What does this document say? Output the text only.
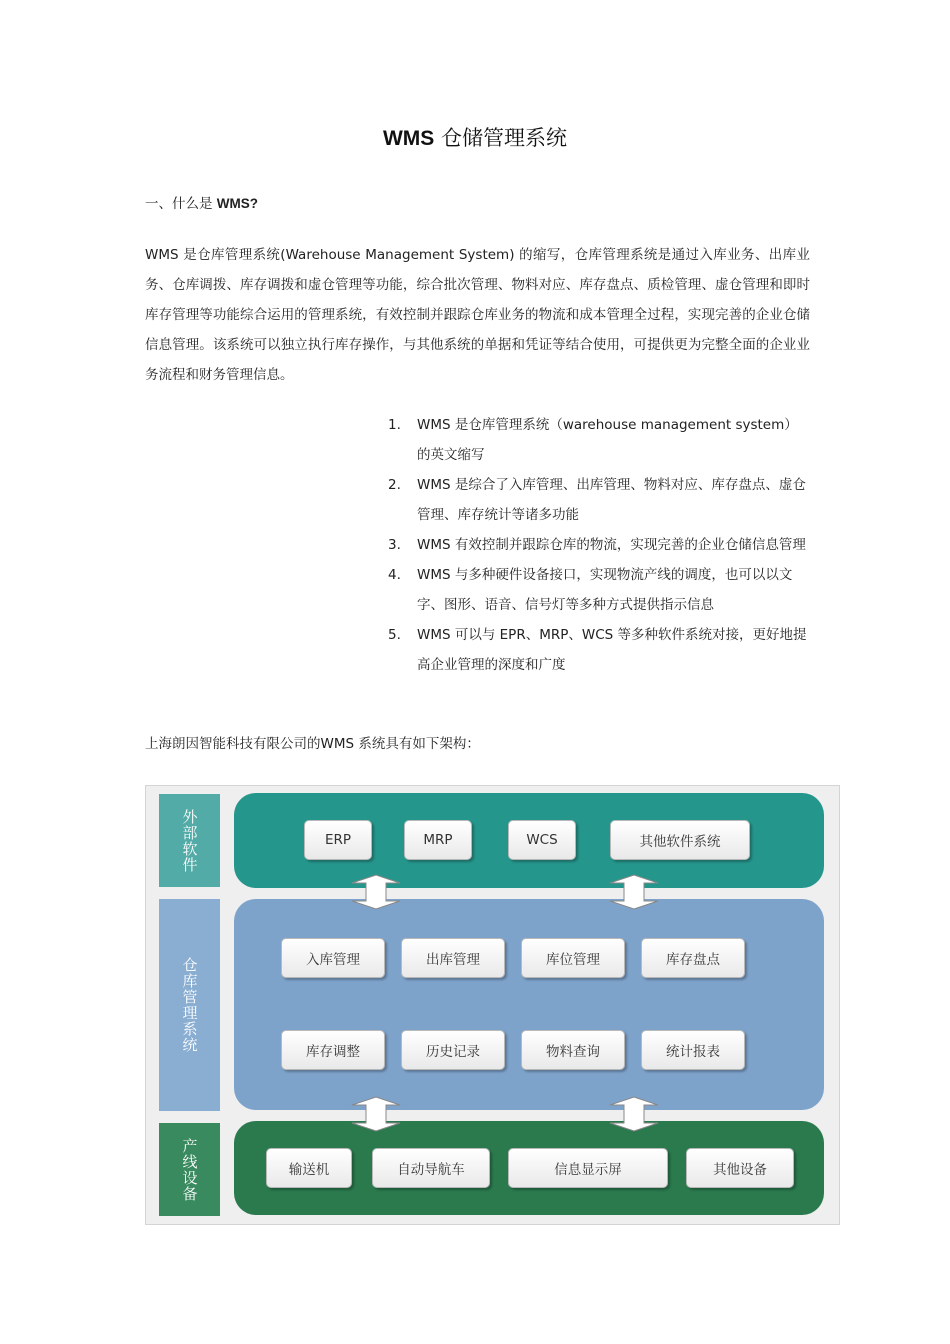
WMS 仓储管理系统
一、什么是 WMS?
WMS 是仓库管理系统(Warehouse Management System) 的缩写，仓库管理系统是通过入库业务、出库业务、仓库调拨、库存调拨和虚仓管理等功能，综合批次管理、物料对应、库存盘点、质检管理、虚仓管理和即时库存管理等功能综合运用的管理系统，有效控制并跟踪仓库业务的物流和成本管理全过程，实现完善的企业仓储信息管理。该系统可以独立执行库存操作，与其他系统的单据和凭证等结合使用，可提供更为完整全面的企业业务流程和财务管理信息。
1. WMS 是仓库管理系统（warehouse management system）的英文缩写
2. WMS 是综合了入库管理、出库管理、物料对应、库存盘点、虚仓管理、库存统计等诸多功能
3. WMS 有效控制并跟踪仓库的物流，实现完善的企业仓储信息管理
4. WMS 与多种硬件设备接口，实现物流产线的调度，也可以以文字、图形、语音、信号灯等多种方式提供指示信息
5. WMS 可以与 EPR、MRP、WCS 等多种软件系统对接，更好地提高企业管理的深度和广度
上海朗因智能科技有限公司的WMS 系统具有如下架构：
外部软件
仓库管理系统
产线设备
ERP	MRP	WCS	其他软件系统
入库管理	出库管理	库位管理	库存盘点
库存调整	历史记录	物料查询	统计报表
输送机	自动导航车	信息显示屏	其他设备
